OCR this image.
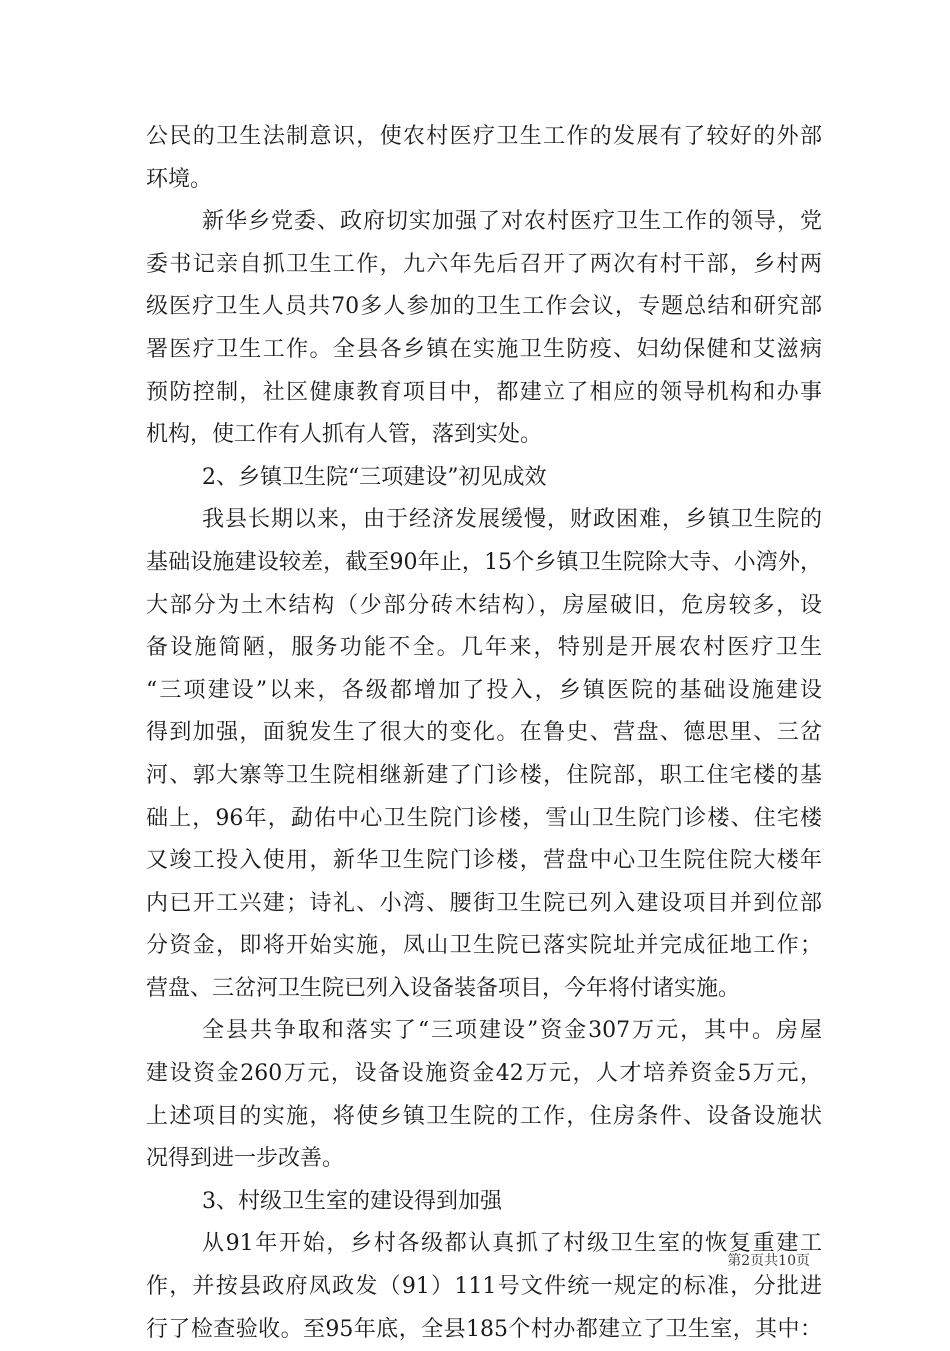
公民的卫生法制意识，使农村医疗卫生工作的发展有了较好的外部
环境。
新华乡党委、政府切实加强了对农村医疗卫生工作的领导，党
委书记亲自抓卫生工作，九六年先后召开了两次有村干部，乡村两
级医疗卫生人员共70多人参加的卫生工作会议，专题总结和研究部
署医疗卫生工作。全县各乡镇在实施卫生防疫、妇幼保健和艾滋病
预防控制，社区健康教育项目中，都建立了相应的领导机构和办事
机构，使工作有人抓有人管，落到实处。
2、乡镇卫生院“三项建设”初见成效
我县长期以来，由于经济发展缓慢，财政困难，乡镇卫生院的
基础设施建设较差，截至90年止，15个乡镇卫生院除大寺、小湾外，
大部分为土木结构（少部分砖木结构），房屋破旧，危房较多，设
备设施简陋，服务功能不全。几年来，特别是开展农村医疗卫生
“三项建设”以来，各级都增加了投入，乡镇医院的基础设施建设
得到加强，面貌发生了很大的变化。在鲁史、营盘、德思里、三岔
河、郭大寨等卫生院相继新建了门诊楼，住院部，职工住宅楼的基
础上，96年，勐佑中心卫生院门诊楼，雪山卫生院门诊楼、住宅楼
又竣工投入使用，新华卫生院门诊楼，营盘中心卫生院住院大楼年
内已开工兴建；诗礼、小湾、腰街卫生院已列入建设项目并到位部
分资金，即将开始实施，凤山卫生院已落实院址并完成征地工作；
营盘、三岔河卫生院已列入设备装备项目，今年将付诸实施。
全县共争取和落实了“三项建设”资金307万元，其中。房屋
建设资金260万元，设备设施资金42万元，人才培养资金5万元，
上述项目的实施，将使乡镇卫生院的工作，住房条件、设备设施状
况得到进一步改善。
3、村级卫生室的建设得到加强
从91年开始，乡村各级都认真抓了村级卫生室的恢复重建工
作，并按县政府凤政发（91）111号文件统一规定的标准，分批进
行了检查验收。至95年底，全县185个村办都建立了卫生室，其中：
第2页共10页
